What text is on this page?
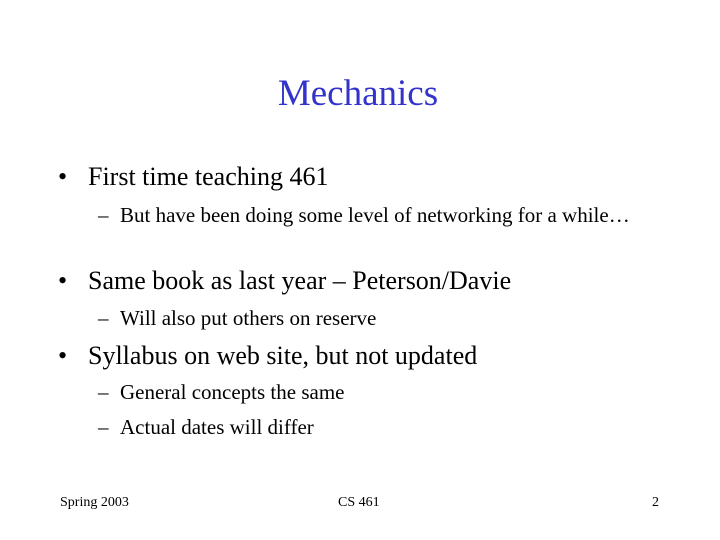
Mechanics
• First time teaching 461
– But have been doing some level of networking for a while…
• Same book as last year – Peterson/Davie
– Will also put others on reserve
• Syllabus on web site, but not updated
– General concepts the same
– Actual dates will differ
Spring 2003	CS 461	2
